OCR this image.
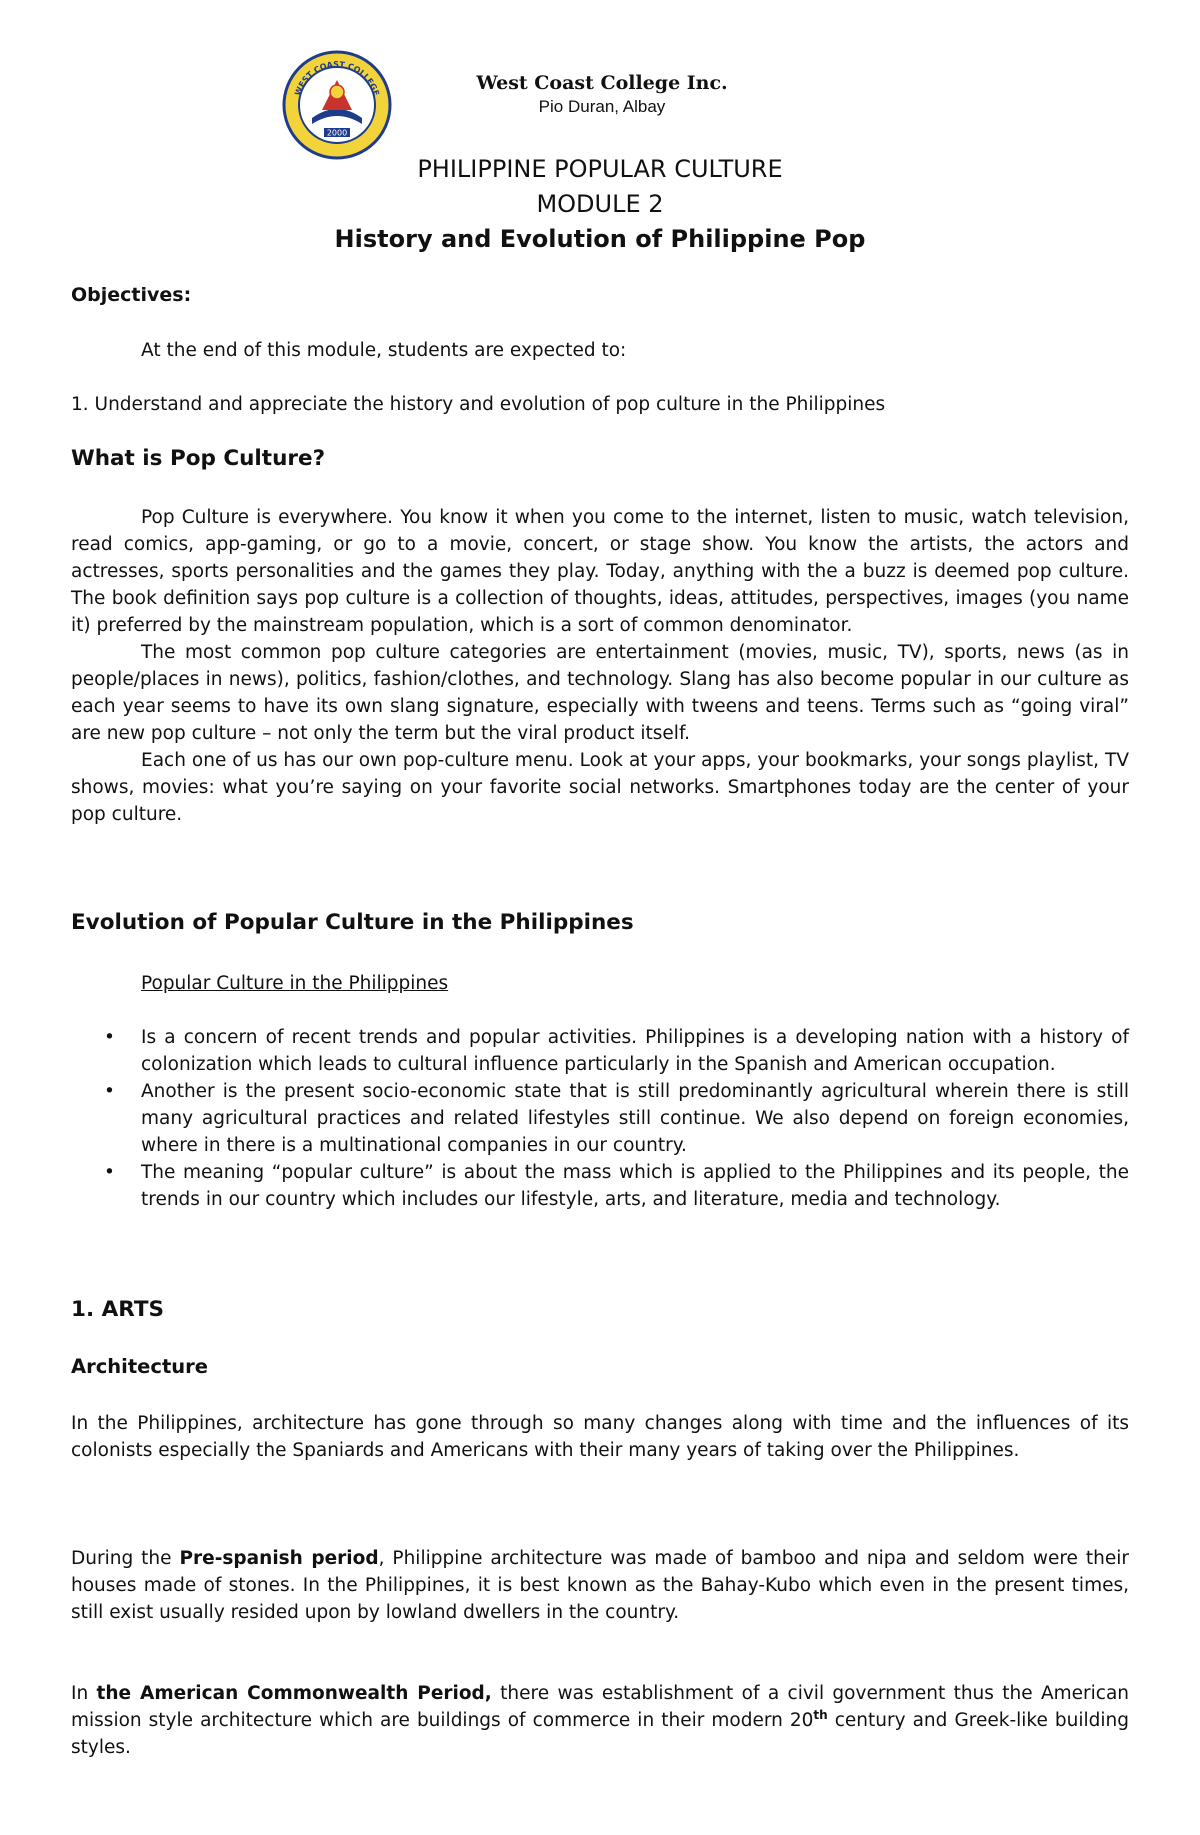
2000
WEST COAST COLLEGE	West Coast College Inc.
Pio Duran, Albay
PHILIPPINE POPULAR CULTURE
MODULE 2
History and Evolution of Philippine Pop
Objectives:
At the end of this module, students are expected to:
1. Understand and appreciate the history and evolution of pop culture in the Philippines
What is Pop Culture?

Pop Culture is everywhere. You know it when you come to the internet, listen to music, watch television, read comics, app-gaming, or go to a movie, concert, or stage show. You know the artists, the actors and actresses, sports personalities and the games they play. Today, anything with the a buzz is deemed pop culture. The book definition says pop culture is a collection of thoughts, ideas, attitudes, perspectives, images (you name it) preferred by the mainstream population, which is a sort of common denominator.

The most common pop culture categories are entertainment (movies, music, TV), sports, news (as in people/places in news), politics, fashion/clothes, and technology. Slang has also become popular in our culture as each year seems to have its own slang signature, especially with tweens and teens. Terms such as “going viral” are new pop culture – not only the term but the viral product itself.

Each one of us has our own pop-culture menu. Look at your apps, your bookmarks, your songs playlist, TV shows, movies: what you’re saying on your favorite social networks. Smartphones today are the center of your pop culture.

Evolution of Popular Culture in the Philippines
Popular Culture in the Philippines
• Is a concern of recent trends and popular activities. Philippines is a developing nation with a history of colonization which leads to cultural influence particularly in the Spanish and American occupation.
• Another is the present socio-economic state that is still predominantly agricultural wherein there is still many agricultural practices and related lifestyles still continue. We also depend on foreign economies, where in there is a multinational companies in our country.
• The meaning “popular culture” is about the mass which is applied to the Philippines and its people, the trends in our country which includes our lifestyle, arts, and literature, media and technology.
1. ARTS
Architecture
In the Philippines, architecture has gone through so many changes along with time and the influences of its colonists especially the Spaniards and Americans with their many years of taking over the Philippines.
During the Pre-spanish period, Philippine architecture was made of bamboo and nipa and seldom were their houses made of stones. In the Philippines, it is best known as the Bahay-Kubo which even in the present times, still exist usually resided upon by lowland dwellers in the country.
In the American Commonwealth Period, there was establishment of a civil government thus the American mission style architecture which are buildings of commerce in their modern 20th century and Greek-like building styles.
